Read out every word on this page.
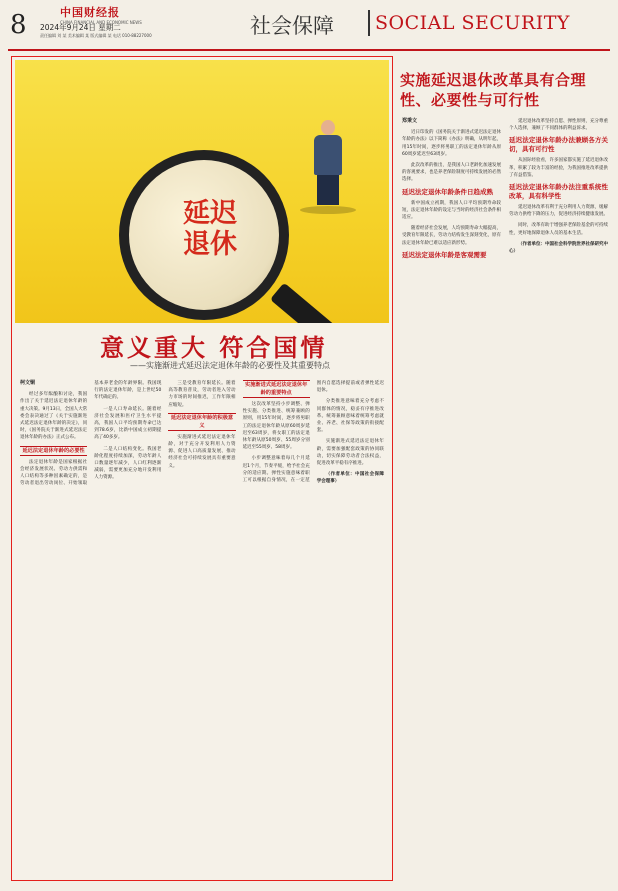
8	中国财经报
CHINA FINANCIAL AND ECONOMIC NEWS
2024年9月24日 星期二
责任编辑 刘 某 美术编辑 某 版式编辑 某 电话 010-88227000	社会保障 SOCIAL SECURITY
延迟退休
意义重大 符合国情
——实施渐进式延迟法定退休年龄的必要性及其重要特点

柯文铜

经过多年酝酿和讨论，我国作出了关于延迟法定退休年龄的重大决策。9月13日，全国人大常委会表决通过了《关于实施渐进式延迟法定退休年龄的决定》，同时，《国务院关于渐进式延迟法定退休年龄的办法》正式公布。

延迟法定退休年龄的必要性

法定退休年龄是国家根据社会经济发展状况、劳动力供需和人口结构等多种因素确定的，是劳动者退出劳动岗位、开始领取基本养老金的年龄界限。我国现行的法定退休年龄，是上世纪50年代确定的。

一是人口寿命延长。随着经济社会发展和医疗卫生水平提高，我国人口平均预期寿命已达到78.6岁，比新中国成立初期提高了40多岁。

二是人口结构变化。我国老龄化程度持续加深，劳动年龄人口数量逐年减少，人口红利逐渐减弱，需要更加充分地开发利用人力资源。

三是受教育年限延长。随着高等教育普及，劳动者进入劳动力市场的时间推迟，工作年限相应缩短。

延迟法定退休年龄的积极意义

实施渐进式延迟法定退休年龄，对于充分开发利用人力资源、促进人口高质量发展、推动经济社会可持续发展具有重要意义。

实施渐进式延迟法定退休年龄的重要特点

这次改革坚持小步调整、弹性实施、分类推进、统筹兼顾的原则，用15年时间，逐步将男职工的法定退休年龄从原60周岁延迟至63周岁，将女职工的法定退休年龄从原50周岁、55周岁分别延迟至55周岁、58周岁。

小步调整意味着每几个月延迟1个月，节奏平缓，给予社会充分的适应期。弹性实施意味着职工可以根据自身情况，在一定范围内自愿选择提前或者弹性延迟退休。

分类推进意味着充分考虑不同群体的情况，稳妥有序推进改革。统筹兼顾意味着统筹考虑就业、养老、社保等政策的衔接配套。

实施渐进式延迟法定退休年龄，需要加强配套政策的协同联动，切实保障劳动者合法权益，促进改革平稳有序推进。

（作者单位：中国社会保障学会理事）

实施延迟退休改革具有合理性、必要性与可行性

郑秉文

近日印发的《国务院关于渐进式延迟法定退休年龄的办法》以下简称《办法》明确，从明年起，用15年时间，逐步将男职工的法定退休年龄从原60周岁延迟至63周岁。

此次改革的推出，是我国人口老龄化加速发展的客观要求，也是养老保险制度可持续发展的必然选择。

延迟法定退休年龄条件日趋成熟

新中国成立初期，我国人口平均预期寿命较短，法定退休年龄的设定与当时的经济社会条件相适应。

随着经济社会发展，人均预期寿命大幅提高，受教育年限延长，劳动力结构发生深刻变化，原有法定退休年龄已难以适应新形势。

延迟法定退休年龄是客观需要

延迟退休改革坚持自愿、弹性原则，充分尊重个人选择，兼顾了不同群体的利益诉求。

延迟法定退休年龄办法兼顾各方关切，具有可行性

从国际经验看，许多国家都实施了延迟退休改革，积累了较为丰富的经验，为我国推进改革提供了有益借鉴。

延迟法定退休年龄办法注重系统性改革，具有科学性

延迟退休改革有利于充分利用人力资源，缓解劳动力供给下降的压力，促进经济持续健康发展。

同时，改革有助于增强养老保险基金的可持续性，更好地保障退休人员的基本生活。

（作者单位：中国社会科学院世界社保研究中心）
